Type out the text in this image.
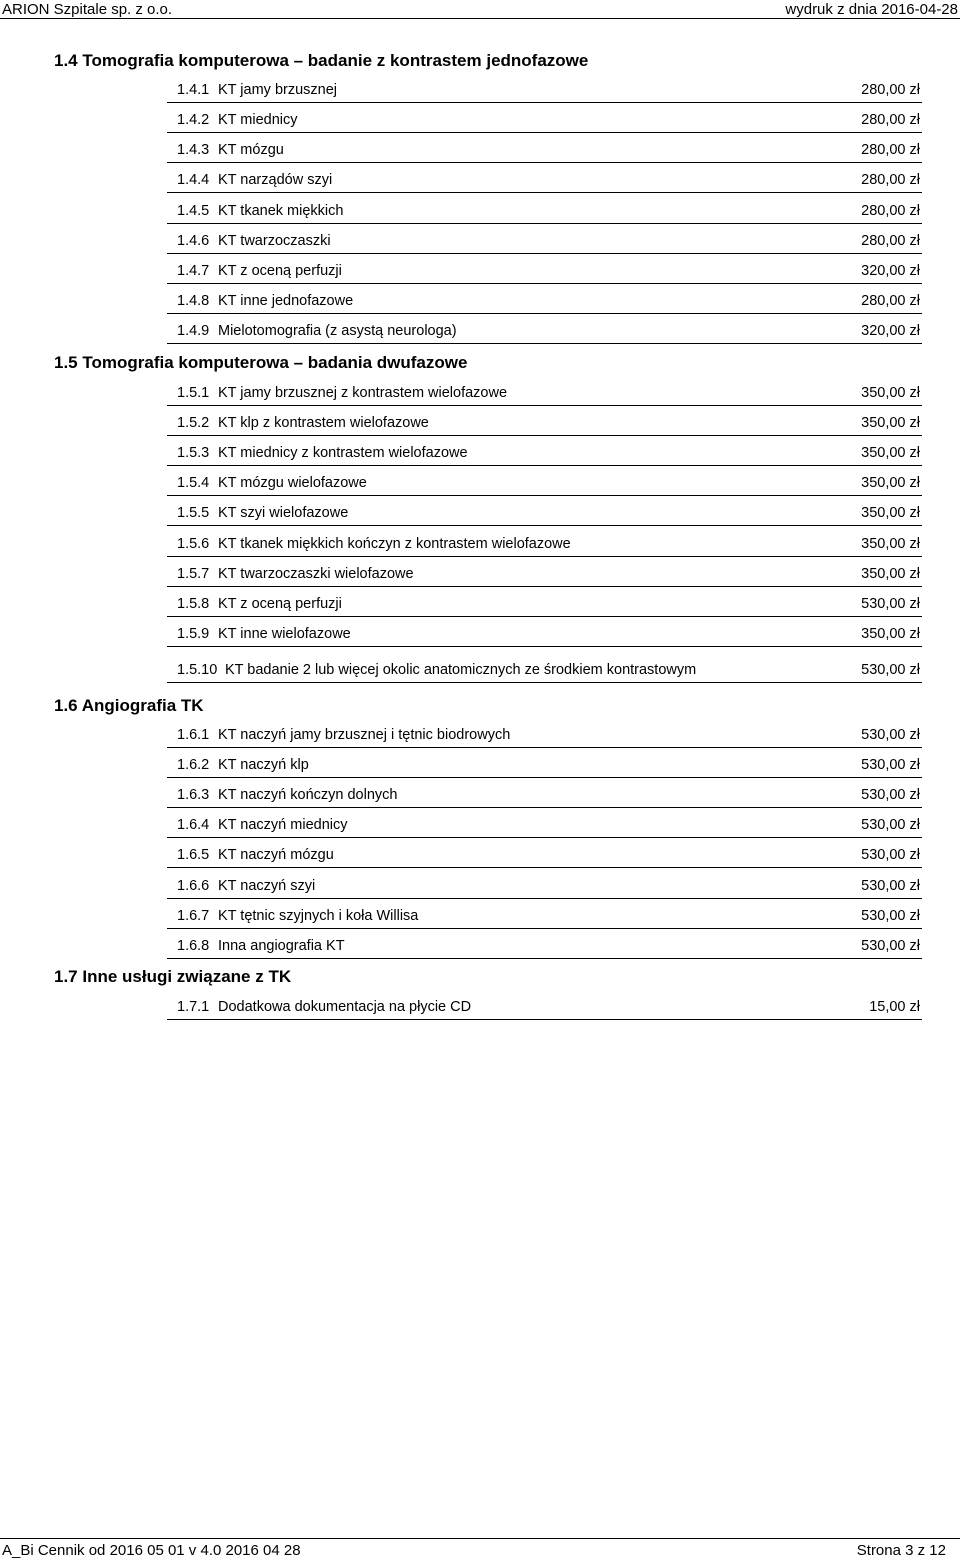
ARION Szpitale sp. z o.o.	wydruk z dnia 2016-04-28
1.4 Tomografia komputerowa – badanie z kontrastem jednofazowe
1.4.1 KT jamy brzusznej	280,00 zł
1.4.2 KT miednicy	280,00 zł
1.4.3 KT mózgu	280,00 zł
1.4.4 KT narządów szyi	280,00 zł
1.4.5 KT tkanek miękkich	280,00 zł
1.4.6 KT twarzoczaszki	280,00 zł
1.4.7 KT z oceną perfuzji	320,00 zł
1.4.8 KT inne jednofazowe	280,00 zł
1.4.9 Mielotomografia (z asystą neurologa)	320,00 zł
1.5 Tomografia komputerowa – badania dwufazowe
1.5.1 KT jamy brzusznej z kontrastem wielofazowe	350,00 zł
1.5.2 KT klp z kontrastem wielofazowe	350,00 zł
1.5.3 KT miednicy z kontrastem wielofazowe	350,00 zł
1.5.4 KT mózgu wielofazowe	350,00 zł
1.5.5 KT szyi wielofazowe	350,00 zł
1.5.6 KT tkanek miękkich kończyn z kontrastem wielofazowe	350,00 zł
1.5.7 KT twarzoczaszki wielofazowe	350,00 zł
1.5.8 KT z oceną perfuzji	530,00 zł
1.5.9 KT inne wielofazowe	350,00 zł
1.5.10 KT badanie 2 lub więcej okolic anatomicznych ze środkiem kontrastowym	530,00 zł
1.6 Angiografia TK
1.6.1 KT naczyń jamy brzusznej i tętnic biodrowych	530,00 zł
1.6.2 KT naczyń klp	530,00 zł
1.6.3 KT naczyń kończyn dolnych	530,00 zł
1.6.4 KT naczyń miednicy	530,00 zł
1.6.5 KT naczyń mózgu	530,00 zł
1.6.6 KT naczyń szyi	530,00 zł
1.6.7 KT tętnic szyjnych i koła Willisa	530,00 zł
1.6.8 Inna angiografia KT	530,00 zł
1.7 Inne usługi związane z TK
1.7.1 Dodatkowa dokumentacja na płycie CD	15,00 zł
A_Bi Cennik od 2016 05 01 v 4.0 2016 04 28	Strona 3 z 12
